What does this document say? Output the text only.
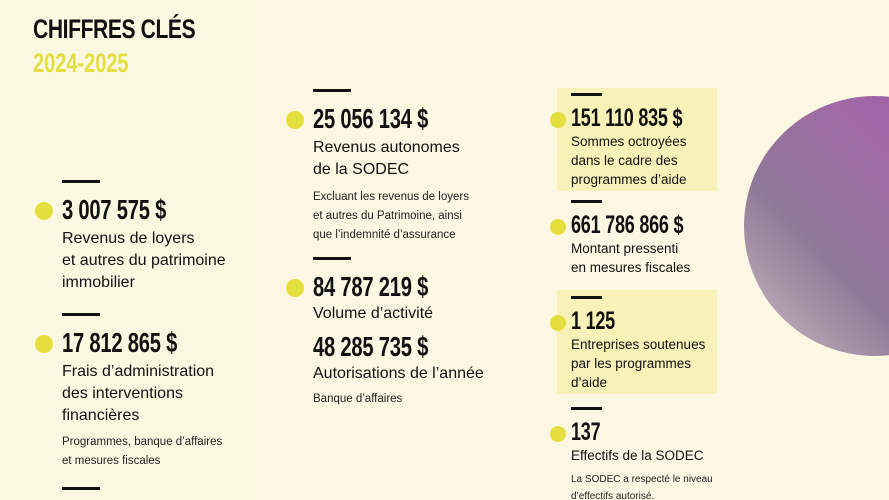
CHIFFRES CLÉS
2024-2025
3 007 575 $
Revenus de loyers
et autres du patrimoine
immobilier
17 812 865 $
Frais d’administration
des interventions
financières
Programmes, banque d’affaires
et mesures fiscales
25 056 134 $
Revenus autonomes
de la SODEC
Excluant les revenus de loyers
et autres du Patrimoine, ainsi
que l’indemnité d’assurance
84 787 219 $
Volume d’activité
48 285 735 $
Autorisations de l’année
Banque d’affaires
151 110 835 $
Sommes octroyées
dans le cadre des
programmes d’aide
661 786 866 $
Montant pressenti
en mesures fiscales
1 125
Entreprises soutenues
par les programmes
d’aide
137
Effectifs de la SODEC
La SODEC a respecté le niveau
d’effectifs autorisé.
